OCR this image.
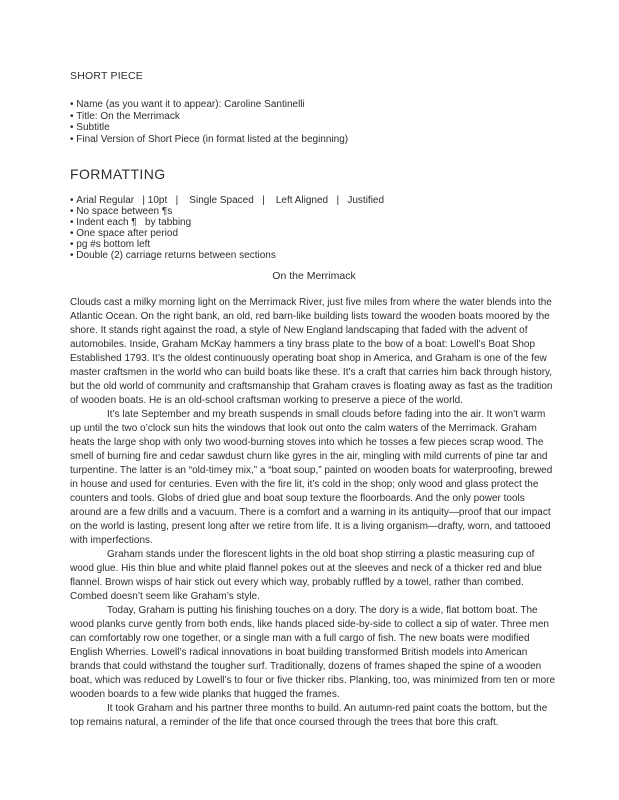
SHORT PIECE
• Name (as you want it to appear): Caroline Santinelli
• Title: On the Merrimack
• Subtitle
• Final Version of Short Piece (in format listed at the beginning)
FORMATTING
• Arial Regular   | 10pt   |    Single Spaced   |    Left Aligned   |   Justified
• No space between ¶s
• Indent each ¶   by tabbing
• One space after period
• pg #s bottom left
• Double (2) carriage returns between sections
On the Merrimack

Clouds cast a milky morning light on the Merrimack River, just five miles from where the water blends into the Atlantic Ocean. On the right bank, an old, red barn-like building lists toward the wooden boats moored by the shore. It stands right against the road, a style of New England landscaping that faded with the advent of automobiles. Inside, Graham McKay hammers a tiny brass plate to the bow of a boat: Lowell’s Boat Shop Established 1793. It’s the oldest continuously operating boat shop in America, and Graham is one of the few master craftsmen in the world who can build boats like these. It’s a craft that carries him back through history, but the old world of community and craftsmanship that Graham craves is floating away as fast as the tradition of wooden boats. He is an old-school craftsman working to preserve a piece of the world.

It’s late September and my breath suspends in small clouds before fading into the air. It won’t warm up until the two o’clock sun hits the windows that look out onto the calm waters of the Merrimack. Graham heats the large shop with only two wood-burning stoves into which he tosses a few pieces scrap wood. The smell of burning fire and cedar sawdust churn like gyres in the air, mingling with mild currents of pine tar and turpentine. The latter is an “old-timey mix,” a “boat soup,” painted on wooden boats for waterproofing, brewed in house and used for centuries. Even with the fire lit, it’s cold in the shop; only wood and glass protect the counters and tools. Globs of dried glue and boat soup texture the floorboards. And the only power tools around are a few drills and a vacuum. There is a comfort and a warning in its antiquity—proof that our impact on the world is lasting, present long after we retire from life. It is a living organism—drafty, worn, and tattooed with imperfections.

Graham stands under the florescent lights in the old boat shop stirring a plastic measuring cup of wood glue. His thin blue and white plaid flannel pokes out at the sleeves and neck of a thicker red and blue flannel. Brown wisps of hair stick out every which way, probably ruffled by a towel, rather than combed. Combed doesn’t seem like Graham’s style.

Today, Graham is putting his finishing touches on a dory. The dory is a wide, flat bottom boat. The wood planks curve gently from both ends, like hands placed side-by-side to collect a sip of water. Three men can comfortably row one together, or a single man with a full cargo of fish. The new boats were modified English Wherries. Lowell’s radical innovations in boat building transformed British models into American brands that could withstand the tougher surf. Traditionally, dozens of frames shaped the spine of a wooden boat, which was reduced by Lowell’s to four or five thicker ribs. Planking, too, was minimized from ten or more wooden boards to a few wide planks that hugged the frames.

It took Graham and his partner three months to build. An autumn-red paint coats the bottom, but the top remains natural, a reminder of the life that once coursed through the trees that bore this craft.
